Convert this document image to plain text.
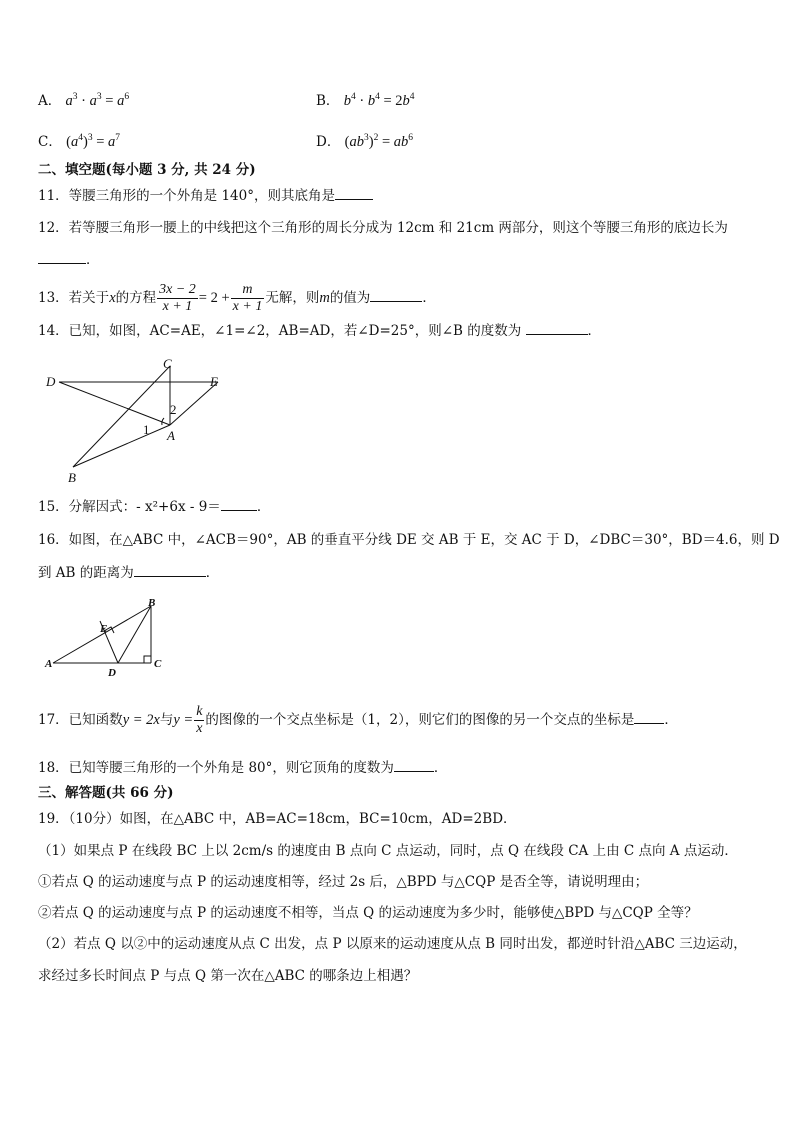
A． $a^3 \cdot a^3 = a^6$	B． $b^4 \cdot b^4 = 2b^4$
C． $(a^4)^3 = a^7$	D． $(ab^3)^2 = ab^6$
二、填空题(每小题 3 分, 共 24 分)
11．等腰三角形的一个外角是 140°，则其底角是
12．若等腰三角形一腰上的中线把这个三角形的周长分成为 12cm 和 21cm 两部分，则这个等腰三角形的底边长为
．
13．若关于x的方程 $\frac{3x - 2}{x + 1} = 2 + \frac{m}{x + 1}$ 无解，则m的值为	．
14．已知，如图，AC=AE，∠1=∠2，AB=AD，若∠D=25°，则∠B 的度数为	．
D
C
E
2
1 A
B
15．分解因式：- x²+6x - 9＝	．
16．如图，在△ABC 中，∠ACB＝90°，AB 的垂直平分线 DE 交 AB 于 E，交 AC 于 D，∠DBC＝30°，BD＝4.6，则 D
到 AB 的距离为	．
B
E
A
D
C
17．已知函数y = 2x与$y = \frac{k}{x}$ 的图像的一个交点坐标是（1，2），则它们的图像的另一个交点的坐标是 ．
18．已知等腰三角形的一个外角是 80°，则它顶角的度数为	．
三、解答题(共 66 分)
19．（10分）如图，在△ABC 中，AB=AC=18cm，BC=10cm，AD=2BD．
（1）如果点 P 在线段 BC 上以 2cm/s 的速度由 B 点向 C 点运动，同时，点 Q 在线段 CA 上由 C 点向 A 点运动．
①若点 Q 的运动速度与点 P 的运动速度相等，经过 2s 后，△BPD 与△CQP 是否全等，请说明理由；
②若点 Q 的运动速度与点 P 的运动速度不相等，当点 Q 的运动速度为多少时，能够使△BPD 与△CQP 全等？
（2）若点 Q 以②中的运动速度从点 C 出发，点 P 以原来的运动速度从点 B 同时出发，都逆时针沿△ABC 三边运动，
求经过多长时间点 P 与点 Q 第一次在△ABC 的哪条边上相遇？
